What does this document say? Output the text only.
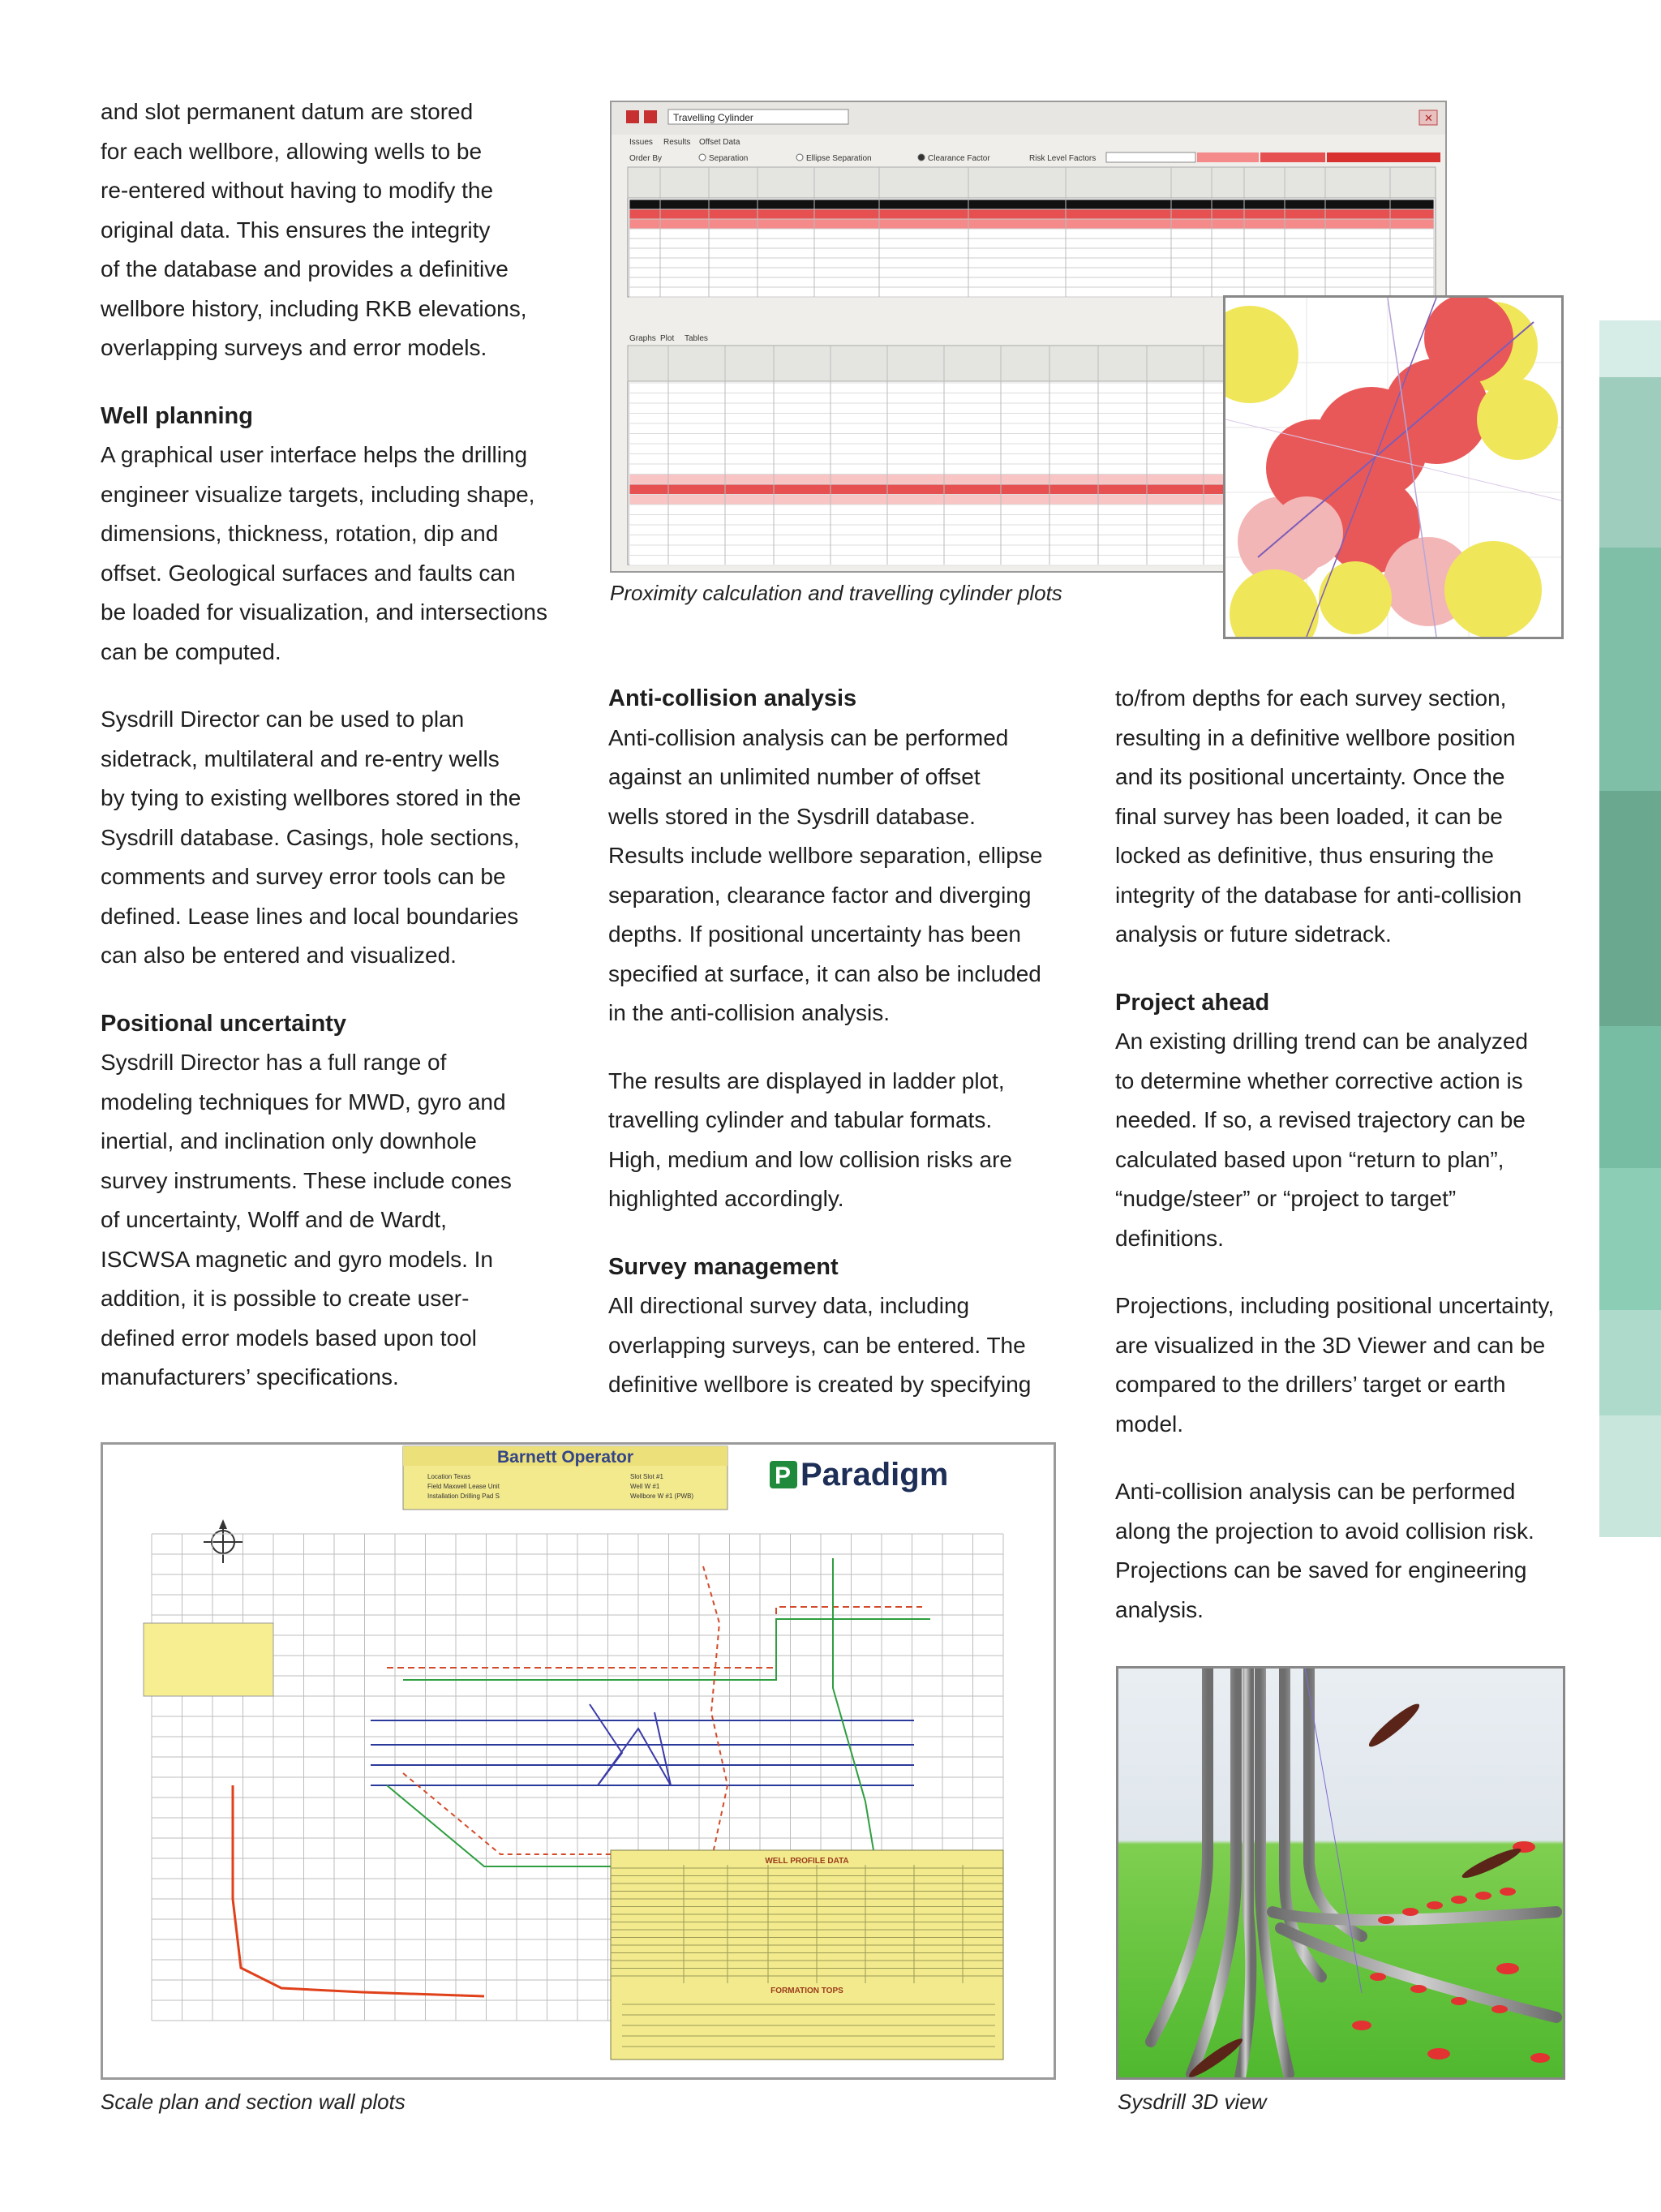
and slot permanent datum are stored

for each wellbore, allowing wells to be

re-entered without having to modify the

original data. This ensures the integrity

of the database and provides a definitive

wellbore history, including RKB elevations,

overlapping surveys and error models.

Well planning

A graphical user interface helps the drilling

engineer visualize targets, including shape,

dimensions, thickness, rotation, dip and

offset. Geological surfaces and faults can

be loaded for visualization, and intersections

can be computed.

Sysdrill Director can be used to plan

sidetrack, multilateral and re-entry wells

by tying to existing wellbores stored in the

Sysdrill database. Casings, hole sections,

comments and survey error tools can be

defined. Lease lines and local boundaries

can also be entered and visualized.

Positional uncertainty

Sysdrill Director has a full range of

modeling techniques for MWD, gyro and

inertial, and inclination only downhole

survey instruments. These include cones

of uncertainty, Wolff and de Wardt,

ISCWSA magnetic and gyro models. In

addition, it is possible to create user-

defined error models based upon tool

manufacturers’ specifications.

Anti-collision analysis

Anti-collision analysis can be performed

against an unlimited number of offset

wells stored in the Sysdrill database.

Results include wellbore separation, ellipse

separation, clearance factor and diverging

depths. If positional uncertainty has been

specified at surface, it can also be included

in the anti-collision analysis.

The results are displayed in ladder plot,

travelling cylinder and tabular formats.

High, medium and low collision risks are

highlighted accordingly.

Survey management

All directional survey data, including

overlapping surveys, can be entered. The

definitive wellbore is created by specifying

to/from depths for each survey section,

resulting in a definitive wellbore position

and its positional uncertainty. Once the

final survey has been loaded, it can be

locked as definitive, thus ensuring the

integrity of the database for anti-collision

analysis or future sidetrack.

Project ahead

An existing drilling trend can be analyzed

to determine whether corrective action is

needed. If so, a revised trajectory can be

calculated based upon “return to plan”,

“nudge/steer” or “project to target”

definitions.

Projections, including positional uncertainty,

are visualized in the 3D Viewer and can be

compared to the drillers’ target or earth

model.

Anti-collision analysis can be performed

along the projection to avoid collision risk.

Projections can be saved for engineering

analysis.

Travelling Cylinder	✕
Issues Results Offset Data
Order By	Separation	Ellipse Separation	Clearance Factor	Risk Level Factors
Graphs Plot Tables
Proximity calculation and travelling cylinder plots
Barnett Operator
Location Texas
Field Maxwell Lease Unit
Installation Drilling Pad S
Slot Slot #1
Well W #1
Wellbore W #1 (PWB)
P Paradigm
WELL PROFILE DATA
FORMATION TOPS
Scale plan and section wall plots	Sysdrill 3D view
